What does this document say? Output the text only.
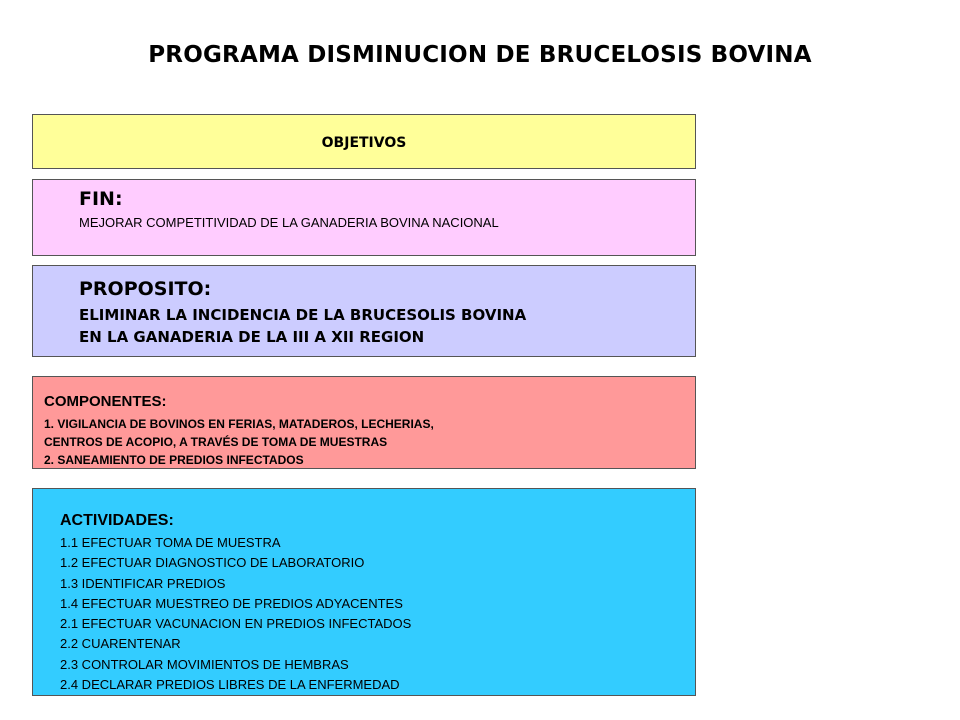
PROGRAMA DISMINUCION DE BRUCELOSIS BOVINA
OBJETIVOS
FIN:
MEJORAR COMPETITIVIDAD DE LA GANADERIA BOVINA NACIONAL
PROPOSITO:
ELIMINAR LA INCIDENCIA DE LA BRUCESOLIS BOVINA
EN LA GANADERIA DE LA III A XII REGION
COMPONENTES:
1. VIGILANCIA DE BOVINOS EN FERIAS, MATADEROS, LECHERIAS,
CENTROS DE ACOPIO, A TRAVÉS DE TOMA DE MUESTRAS
2. SANEAMIENTO DE PREDIOS INFECTADOS
ACTIVIDADES:
1.1 EFECTUAR TOMA DE MUESTRA
1.2 EFECTUAR DIAGNOSTICO DE LABORATORIO
1.3 IDENTIFICAR PREDIOS
1.4 EFECTUAR MUESTREO DE PREDIOS ADYACENTES
2.1 EFECTUAR VACUNACION EN PREDIOS INFECTADOS
2.2 CUARENTENAR
2.3 CONTROLAR MOVIMIENTOS DE HEMBRAS
2.4 DECLARAR PREDIOS LIBRES DE LA ENFERMEDAD
